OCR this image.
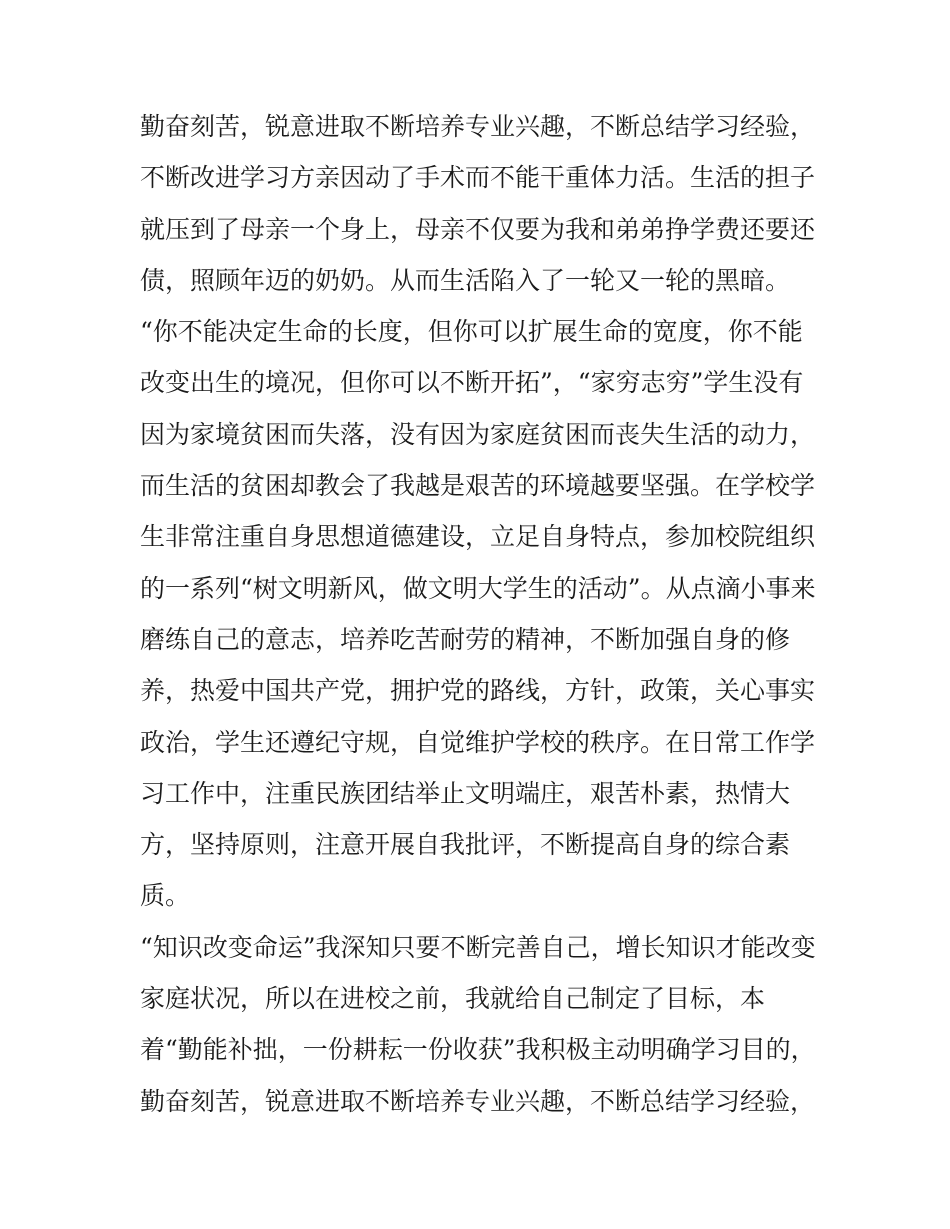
勤奋刻苦，锐意进取不断培养专业兴趣，不断总结学习经验，
不断改进学习方亲因动了手术而不能干重体力活。生活的担子
就压到了母亲一个身上，母亲不仅要为我和弟弟挣学费还要还
债，照顾年迈的奶奶。从而生活陷入了一轮又一轮的黑暗。
“你不能决定生命的长度，但你可以扩展生命的宽度，你不能
改变出生的境况，但你可以不断开拓”，“家穷志穷”学生没有
因为家境贫困而失落，没有因为家庭贫困而丧失生活的动力，
而生活的贫困却教会了我越是艰苦的环境越要坚强。在学校学
生非常注重自身思想道德建设，立足自身特点，参加校院组织
的一系列“树文明新风，做文明大学生的活动”。从点滴小事来
磨练自己的意志，培养吃苦耐劳的精神，不断加强自身的修
养，热爱中国共产党，拥护党的路线，方针，政策，关心事实
政治，学生还遵纪守规，自觉维护学校的秩序。在日常工作学
习工作中，注重民族团结举止文明端庄，艰苦朴素，热情大
方，坚持原则，注意开展自我批评，不断提高自身的综合素
质。
“知识改变命运”我深知只要不断完善自己，增长知识才能改变
家庭状况，所以在进校之前，我就给自己制定了目标，本
着“勤能补拙，一份耕耘一份收获”我积极主动明确学习目的，
勤奋刻苦，锐意进取不断培养专业兴趣，不断总结学习经验，
